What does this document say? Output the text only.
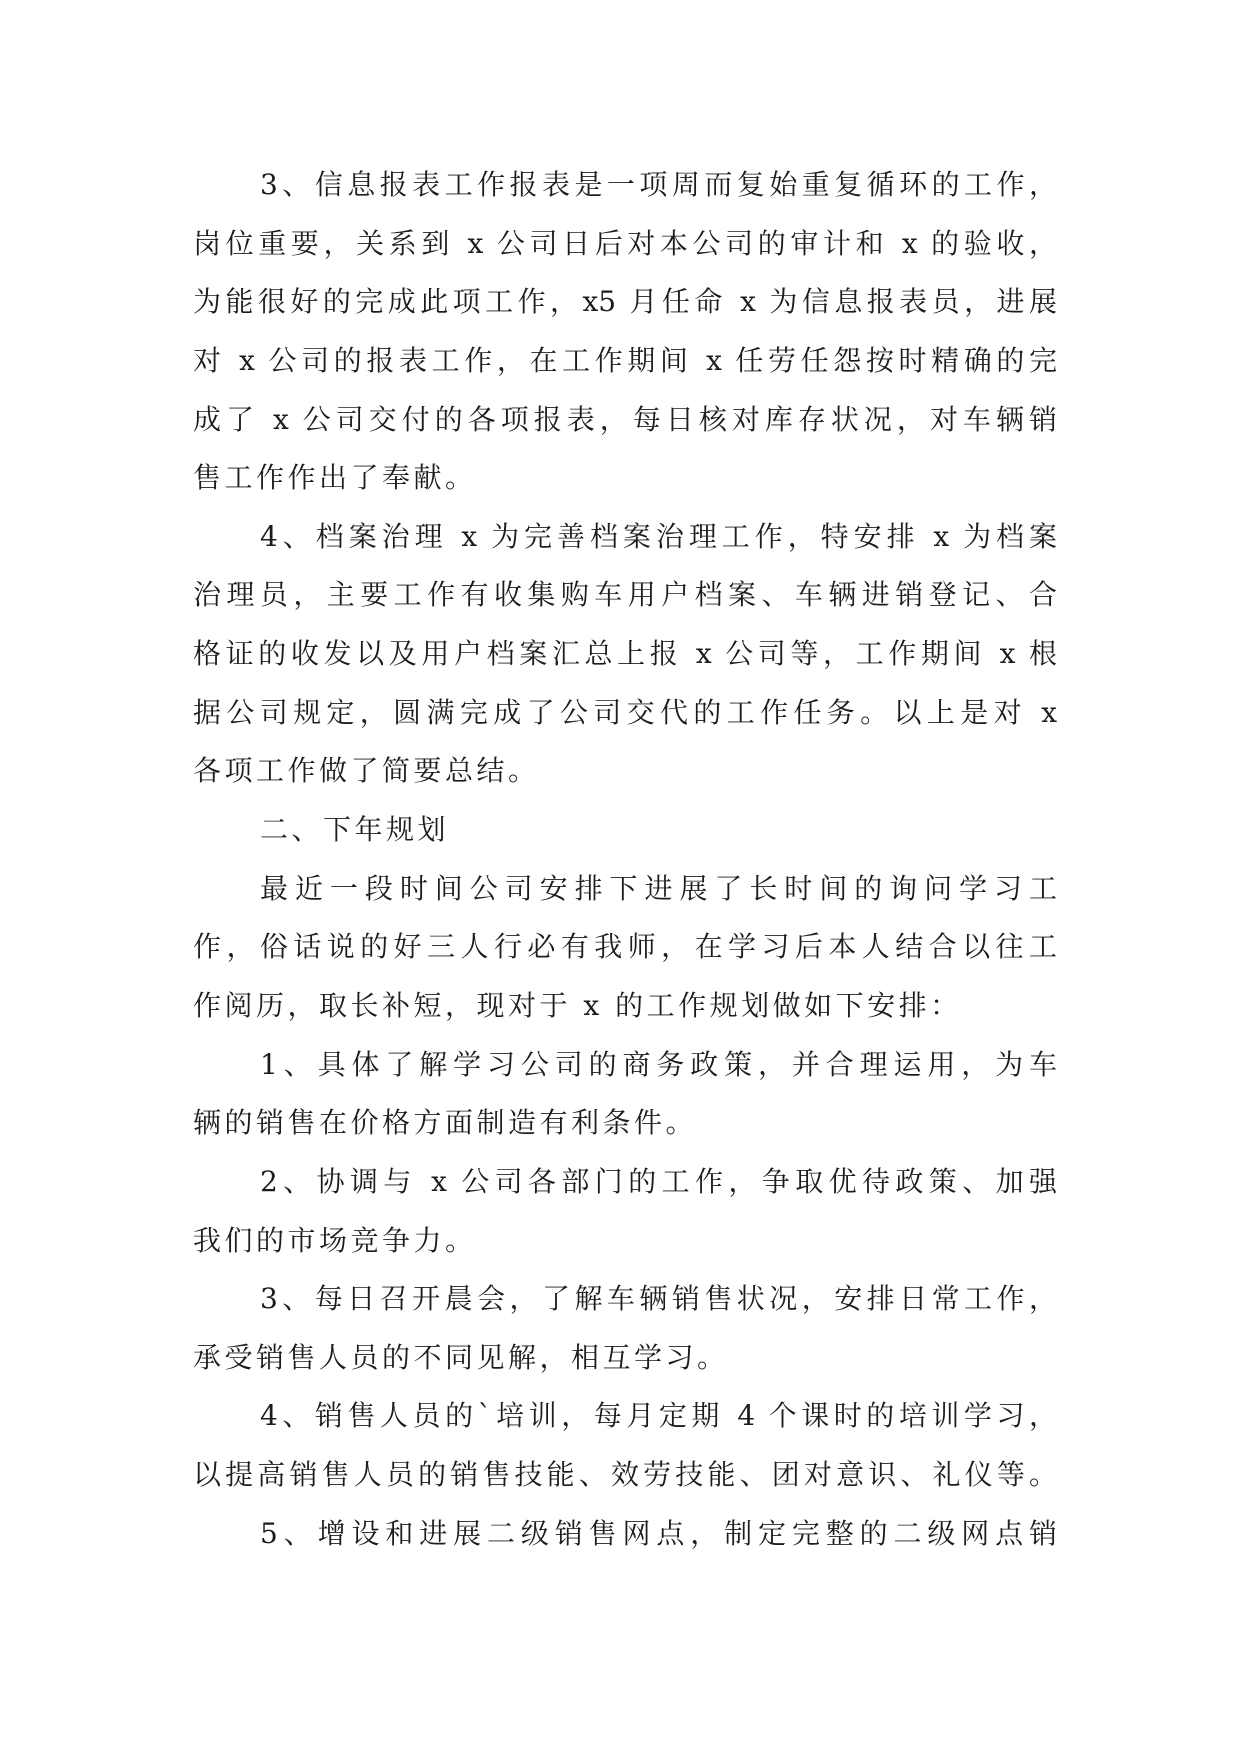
3、信息报表工作报表是一项周而复始重复循环的工作，
岗位重要，关系到 x 公司日后对本公司的审计和 x 的验收，
为能很好的完成此项工作，x5 月任命 x 为信息报表员，进展
对 x 公司的报表工作，在工作期间 x 任劳任怨按时精确的完
成了 x 公司交付的各项报表，每日核对库存状况，对车辆销
售工作作出了奉献。
4、档案治理 x 为完善档案治理工作，特安排 x 为档案
治理员，主要工作有收集购车用户档案、车辆进销登记、合
格证的收发以及用户档案汇总上报 x 公司等，工作期间 x 根
据公司规定，圆满完成了公司交代的工作任务。以上是对 x
各项工作做了简要总结。
二、下年规划
最近一段时间公司安排下进展了长时间的询问学习工
作，俗话说的好三人行必有我师，在学习后本人结合以往工
作阅历，取长补短，现对于 x 的工作规划做如下安排：
1、具体了解学习公司的商务政策，并合理运用，为车
辆的销售在价格方面制造有利条件。
2、协调与 x 公司各部门的工作，争取优待政策、加强
我们的市场竞争力。
3、每日召开晨会，了解车辆销售状况，安排日常工作，
承受销售人员的不同见解，相互学习。
4、销售人员的`培训，每月定期 4 个课时的培训学习，
以提高销售人员的销售技能、效劳技能、团对意识、礼仪等。
5、增设和进展二级销售网点，制定完整的二级网点销
